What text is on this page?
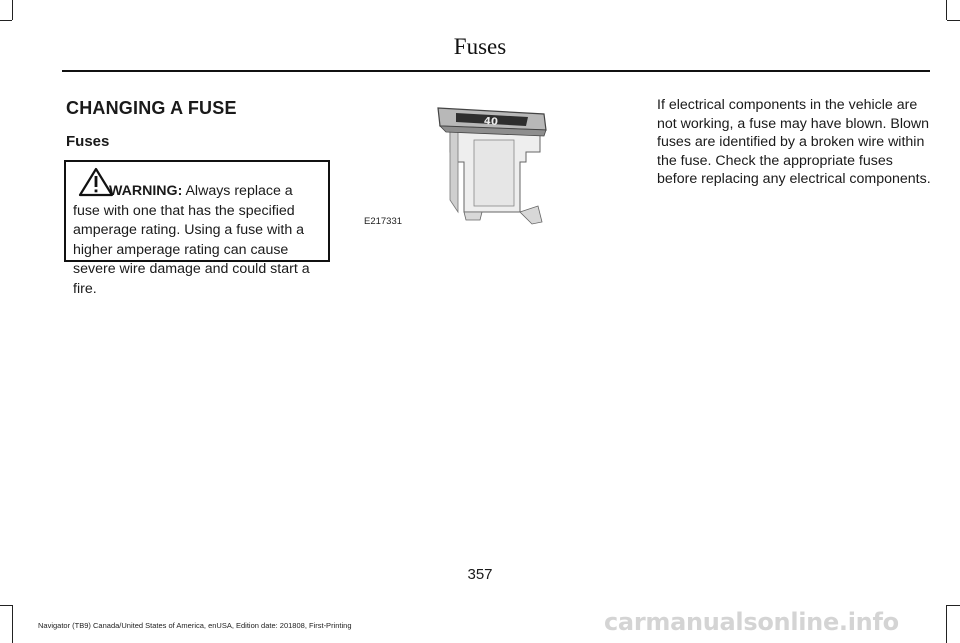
Fuses
CHANGING A FUSE
Fuses
WARNING: Always replace a fuse with one that has the specified amperage rating. Using a fuse with a higher amperage rating can cause severe wire damage and could start a fire.
40
E217331
If electrical components in the vehicle are not working, a fuse may have blown. Blown fuses are identified by a broken wire within the fuse. Check the appropriate fuses before replacing any electrical components.
357
Navigator (TB9) Canada/United States of America, enUSA, Edition date: 201808, First-Printing	carmanualsonline.info
